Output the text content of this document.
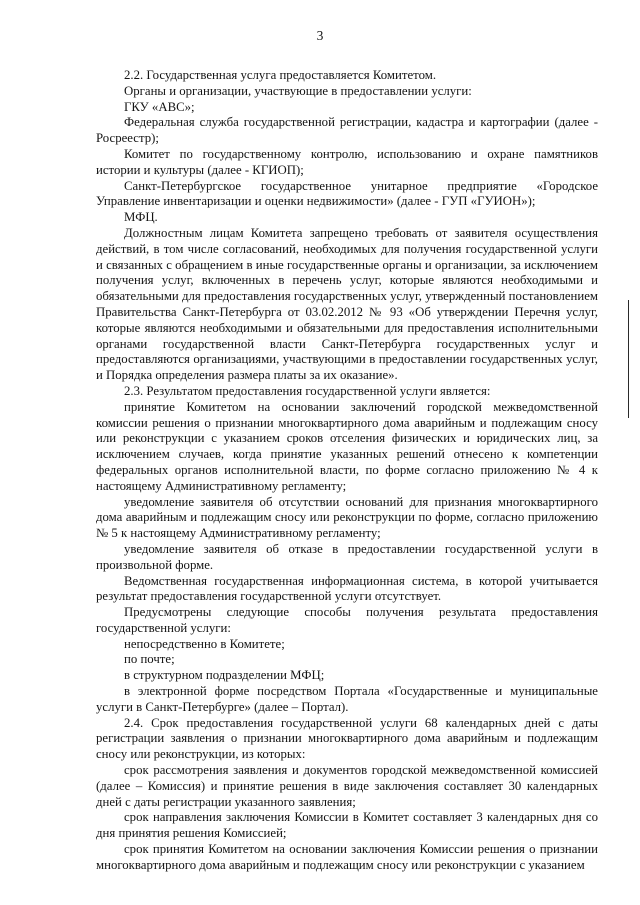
3

2.2. Государственная услуга предоставляется Комитетом.

Органы и организации, участвующие в предоставлении услуги:

ГКУ «АВС»;

Федеральная служба государственной регистрации, кадастра и картографии (далее - Росреестр);

Комитет по государственному контролю, использованию и охране памятников истории и культуры (далее - КГИОП);

Санкт-Петербургское государственное унитарное предприятие «Городское Управление инвентаризации и оценки недвижимости» (далее - ГУП «ГУИОН»);

МФЦ.

Должностным лицам Комитета запрещено требовать от заявителя осуществления действий, в том числе согласований, необходимых для получения государственной услуги и связанных с обращением в иные государственные органы и организации, за исключением получения услуг, включенных в перечень услуг, которые являются необходимыми и обязательными для предоставления государственных услуг, утвержденный постановлением Правительства Санкт-Петербурга от 03.02.2012 № 93 «Об утверждении Перечня услуг, которые являются необходимыми и обязательными для предоставления исполнительными органами государственной власти Санкт-Петербурга государственных услуг и предоставляются организациями, участвующими в предоставлении государственных услуг, и Порядка определения размера платы за их оказание».

2.3. Результатом предоставления государственной услуги является:

принятие Комитетом на основании заключений городской межведомственной комиссии решения о признании многоквартирного дома аварийным и подлежащим сносу или реконструкции с указанием сроков отселения физических и юридических лиц, за исключением случаев, когда принятие указанных решений отнесено к компетенции федеральных органов исполнительной власти, по форме согласно приложению № 4 к настоящему Административному регламенту;

уведомление заявителя об отсутствии оснований для признания многоквартирного дома аварийным и подлежащим сносу или реконструкции по форме, согласно приложению № 5 к настоящему Административному регламенту;

уведомление заявителя об отказе в предоставлении государственной услуги в произвольной форме.

Ведомственная государственная информационная система, в которой учитывается результат предоставления государственной услуги отсутствует.

Предусмотрены следующие способы получения результата предоставления государственной услуги:

непосредственно в Комитете;

по почте;

в структурном подразделении МФЦ;

в электронной форме посредством Портала «Государственные и муниципальные услуги в Санкт-Петербурге» (далее – Портал).

2.4. Срок предоставления государственной услуги 68 календарных дней с даты регистрации заявления о признании многоквартирного дома аварийным и подлежащим сносу или реконструкции, из которых:

срок рассмотрения заявления и документов городской межведомственной комиссией (далее – Комиссия) и принятие решения в виде заключения составляет 30 календарных дней с даты регистрации указанного заявления;

срок направления заключения Комиссии в Комитет составляет 3 календарных дня со дня принятия решения Комиссией;

срок принятия Комитетом на основании заключения Комиссии решения о признании многоквартирного дома аварийным и подлежащим сносу или реконструкции с указанием
